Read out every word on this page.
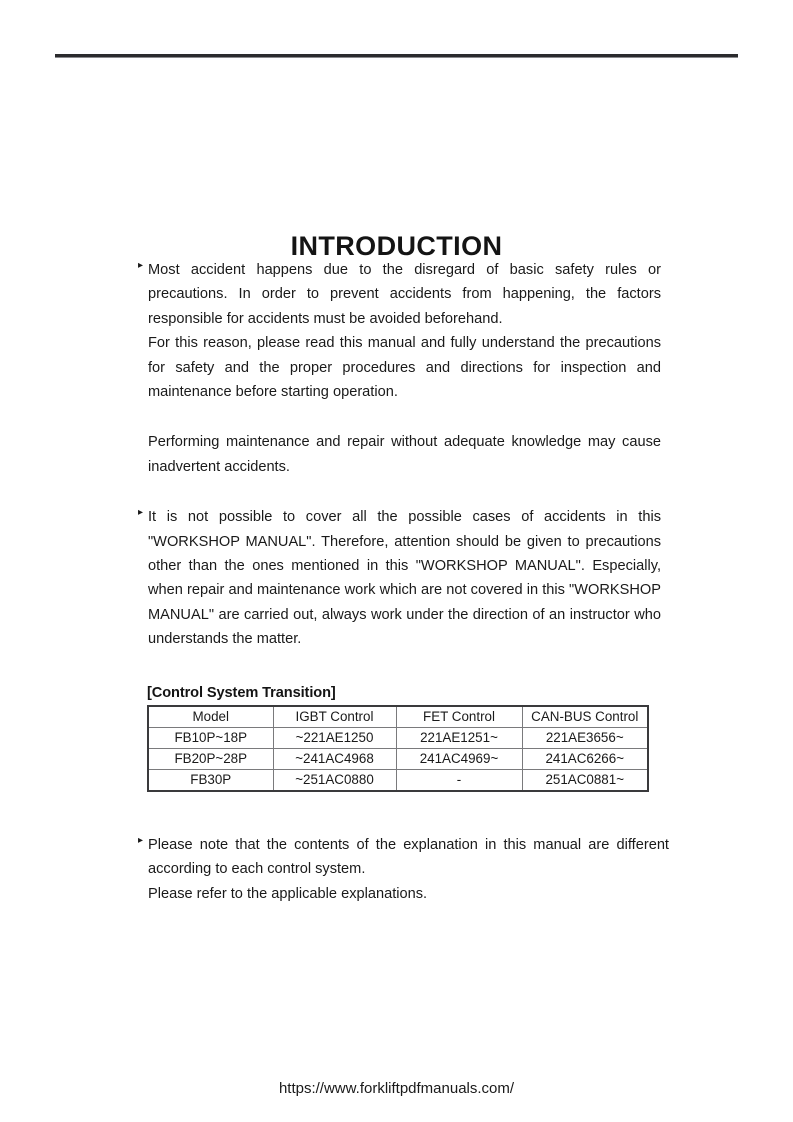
INTRODUCTION
▸ Most accident happens due to the disregard of basic safety rules or precautions. In order to prevent accidents from happening, the factors responsible for accidents must be avoided beforehand.

For this reason, please read this manual and fully understand the precautions for safety and the proper procedures and directions for inspection and maintenance before starting operation.

Performing maintenance and repair without adequate knowledge may cause inadvertent accidents.

▸ It is not possible to cover all the possible cases of accidents in this "WORKSHOP MANUAL". Therefore, attention should be given to precautions other than the ones mentioned in this "WORKSHOP MANUAL". Especially, when repair and maintenance work which are not covered in this "WORKSHOP MANUAL" are carried out, always work under the direction of an instructor who understands the matter.

[Control System Transition]
Model	IGBT Control	FET Control	CAN-BUS Control
FB10P~18P	~221AE1250	221AE1251~	221AE3656~
FB20P~28P	~241AC4968	241AC4969~	241AC6266~
FB30P	~251AC0880	-	251AC0881~
▸ Please note that the contents of the explanation in this manual are different according to each control system.

Please refer to the applicable explanations.

https://www.forkliftpdfmanuals.com/
